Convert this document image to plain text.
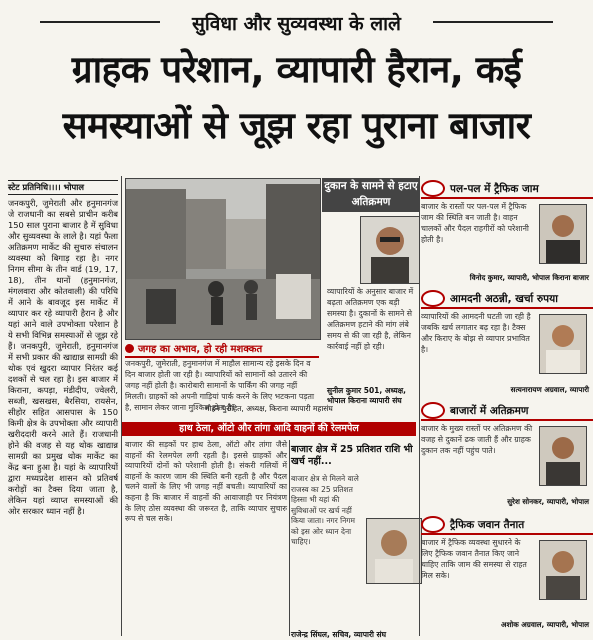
सुविधा और सुव्यवस्था के लाले
ग्राहक परेशान, व्यापारी हैरान, कई
समस्याओं से जूझ रहा पुराना बाजार
स्टेट प्रतिनिधि।।।। भोपाल
जनकपुरी, जुमेराती और हनुमानगंज जे राजधानी का सबसे प्राचीन करीब 150 साल पुराना बाजार है में सुविधा और सुव्यवस्था के लाले है। यहां फैला अतिक्रमण मार्केट की सुचारु संचालन व्यवस्था को बिगाड़ रहा है। नगर निगम सीमा के तीन वार्ड (19, 17, 18), तीन थानों (हनुमानगंज, मंगलवारा और कोतवाली) की परिधि में आने के बावजूद इस मार्केट में व्यापार कर रहे व्यापारी हैरान है और यहां आने वाले उपभोक्ता परेशान है ये सभी विभिन्न समस्याओं से जूझ रहे हैं। जनकपुरी, जुमेराती, हनुमानगंज में सभी प्रकार की खाद्यान्न सामग्री की थोक एवं खुदरा व्यापार निरंतर कई दशकों से चल रहा है। इस बाजार में किराना, कपड़ा, मंडीदीप, ज्वेलरी, सब्जी, खसखस, बैरसिया, रायसेन, सीहोर सहित आसपास के 150 किमी क्षेत्र के उपभोक्ता और व्यापारी खरीददारी करने आते हैं। राजधानी होने की वजह से यह थोक खाद्यान्न सामग्री का प्रमुख थोक मार्केट का केंद्र बना हुआ है। यहां के व्यापारियों द्वारा मध्यप्रदेश शासन को प्रतिवर्ष करोड़ों का टैक्स दिया जाता है, लेकिन यहां व्याप्त समस्याओं की ओर सरकार ध्यान नहीं है।
जगह का अभाव, हो रही मशक्कत
जनकपुरी, जुमेराती, हनुमानगंज में माहौल सामान्य रहे इसके दिन व दिन बाजार होती जा रही है। व्यापारियों को सामानों को उतारने की जगह नहीं होती है। कारोबारी सामानों के पार्किंग की जगह नहीं मिलती। ग्राहकों को अपनी गाड़ियां पार्क करने के लिए भटकना पड़ता है, सामान लेकर जाना मुश्किल होता है।
मोहन पुरोहित, अध्यक्ष, किराना व्यापारी महासंघ
दुकान के सामने से हटाए अतिक्रमण
व्यापारियों के अनुसार बाजार में बढ़ता अतिक्रमण एक बड़ी समस्या है। दुकानों के सामने से अतिक्रमण हटाने की मांग लंबे समय से की जा रही है, लेकिन कार्रवाई नहीं हो रही।
सुनील कुमार 501, अध्यक्ष, भोपाल किराना व्यापारी संघ
हाथ ठेला, ऑटो और तांगा आदि वाहनों की रेलमपेल
बाजार की सड़कों पर हाथ ठेला, ऑटो और तांगा जैसे वाहनों की रेलमपेल लगी रहती है। इससे ग्राहकों और व्यापारियों दोनों को परेशानी होती है। संकरी गलियों में वाहनों के कारण जाम की स्थिति बनी रहती है और पैदल चलने वालों के लिए भी जगह नहीं बचती। व्यापारियों का कहना है कि बाजार में वाहनों की आवाजाही पर नियंत्रण के लिए ठोस व्यवस्था की जरूरत है, ताकि व्यापार सुचारु रूप से चल सके।
बाजार क्षेत्र में 25 प्रतिशत राशि भी खर्च नहीं...
बाजार क्षेत्र से मिलने वाले राजस्व का 25 प्रतिशत हिस्सा भी यहां की सुविधाओं पर खर्च नहीं किया जाता। नगर निगम को इस ओर ध्यान देना चाहिए।
राजेन्द्र सिंघल, सचिव, व्यापारी संघ
पल-पल में ट्रैफिक जाम
बाजार के रास्तों पर पल-पल में ट्रैफिक जाम की स्थिति बन जाती है। वाहन चालकों और पैदल राहगीरों को परेशानी होती है।
विनोद कुमार, व्यापारी, भोपाल किराना बाजार
आमदनी अठन्नी, खर्चा रुपया
व्यापारियों की आमदनी घटती जा रही है जबकि खर्च लगातार बढ़ रहा है। टैक्स और किराए के बोझ से व्यापार प्रभावित है।
सत्यनारायण अग्रवाल, व्यापारी
बाजारों में अतिक्रमण
बाजार के मुख्य रास्तों पर अतिक्रमण की वजह से दुकानें ढक जाती हैं और ग्राहक दुकान तक नहीं पहुंच पाते।
सुरेश सोनकर, व्यापारी, भोपाल
ट्रैफिक जवान तैनात
बाजार में ट्रैफिक व्यवस्था सुधारने के लिए ट्रैफिक जवान तैनात किए जाने चाहिए ताकि जाम की समस्या से राहत मिल सके।
अशोक अग्रवाल, व्यापारी, भोपाल
